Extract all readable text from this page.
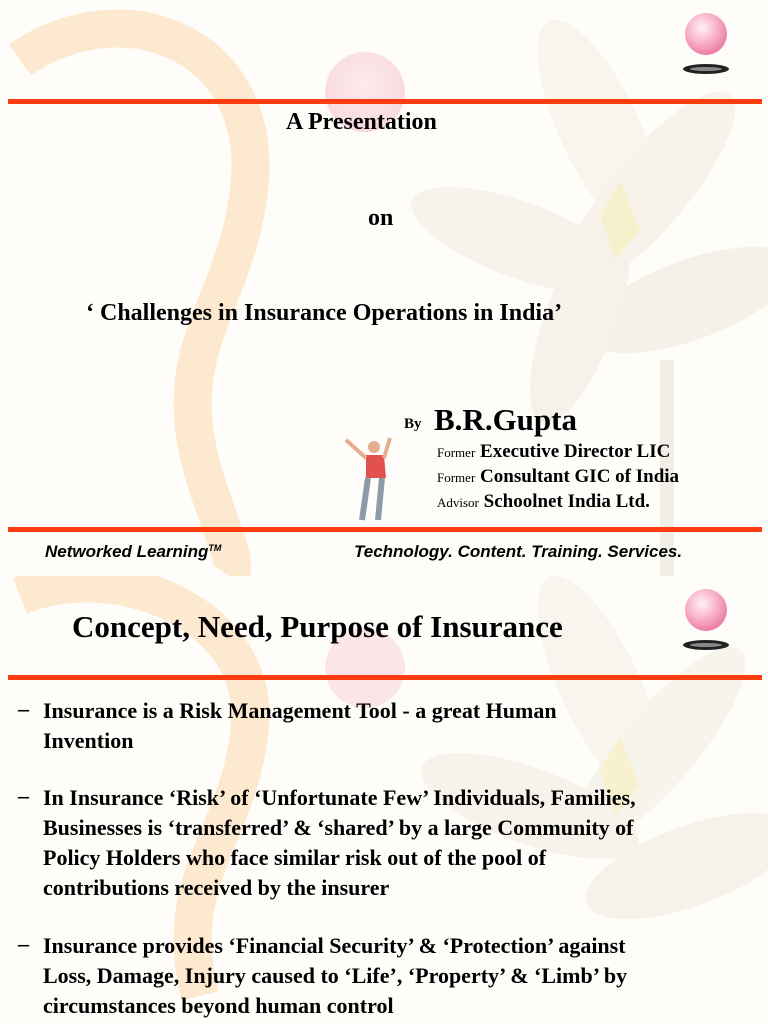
A Presentation
on
‘ Challenges in Insurance Operations in India’
By B.R.Gupta
Former Executive Director LIC
Former Consultant GIC of India
Advisor Schoolnet India Ltd.
Networked Learning™	Technology. Content. Training. Services.
Concept, Need, Purpose of Insurance
– Insurance is a Risk Management Tool - a great Human
Invention
– In Insurance ‘Risk’ of ‘Unfortunate Few’ Individuals, Families,
Businesses is ‘transferred’ & ‘shared’ by a large Community of
Policy Holders who face similar risk out of the pool of
contributions received by the insurer
– Insurance provides ‘Financial Security’ & ‘Protection’ against
Loss, Damage, Injury caused to ‘Life’, ‘Property’ & ‘Limb’ by
circumstances beyond human control
